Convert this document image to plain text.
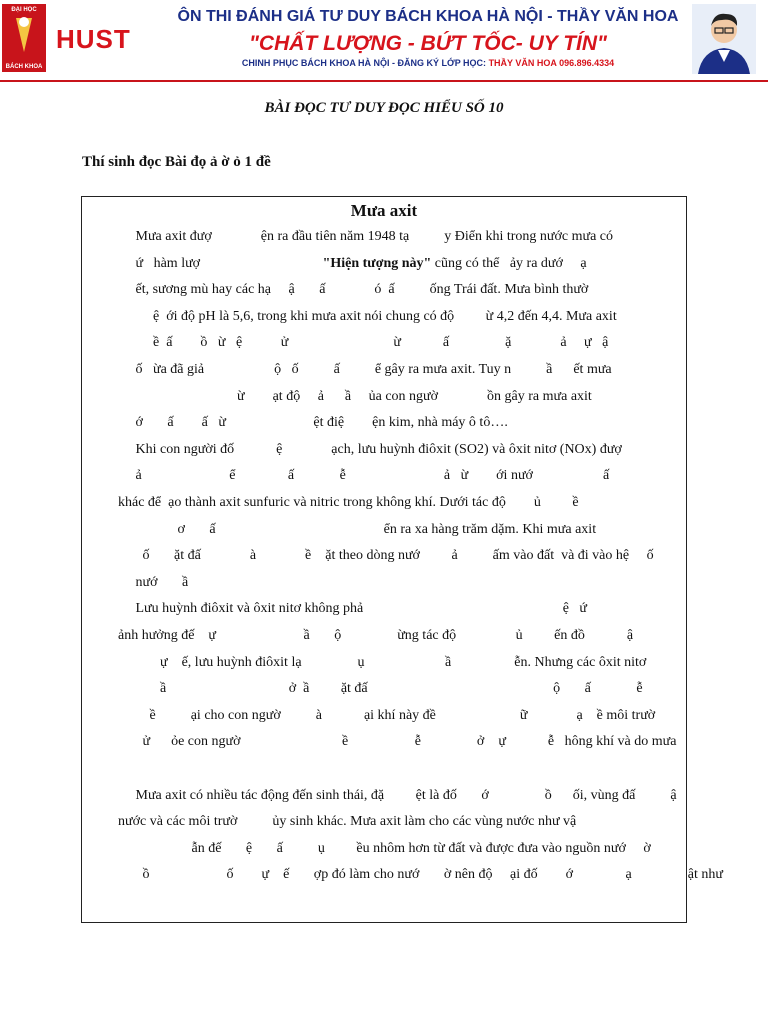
ĐẠI HỌC
BÁCH KHOA
HUST
ÔN THI ĐÁNH GIÁ TƯ DUY BÁCH KHOA HÀ NỘI - THẦY VĂN HOA
"CHẤT LƯỢNG - BỨT TỐC- UY TÍN"
CHINH PHỤC BÁCH KHOA HÀ NỘI - ĐĂNG KÝ LỚP HỌC: THẦY VĂN HOA 096.896.4334
BÀI ĐỌC TƯ DUY ĐỌC HIỂU SỐ 10
Thí sinh đọc Bài đọ ả ờ ỏ 1 đề
Mưa axit
Mưa axit đượ              ện ra đầu tiên năm 1948 tạ          y Điển khi trong nước mưa có
ứ   hàm lượ                                   "Hiện tượng này" cũng có thể   ảy ra dướ     ạ
ết, sương mù hay các hạ     ậ       ấ              ó  ấ          ống Trái đất. Mưa bình thườ
ệ  ới độ pH là 5,6, trong khi mưa axit nói chung có độ         ừ 4,2 đến 4,4. Mưa axit
ề  ấ        ồ   ừ   ệ           ử                              ừ            ấ                ặ              ả     ự   ậ
ố   ừa đã giả                    ộ   ố          ấ          ể gây ra mưa axit. Tuy n          ầ      ết mưa
ừ        ạt độ     ả      ầ     ủa con ngườ              ồn gây ra mưa axit
ớ       ấ        ấ   ừ                         ệt điệ        ện kim, nhà máy ô tô….
Khi con người đố            ệ              ạch, lưu huỳnh điôxit (SO2) và ôxit nitơ (NOx) đượ
ả                         ể               ấ             ễ                            ả   ừ        ới nướ                    ấ
khác để  ạo thành axit sunfuric và nitric trong không khí. Dưới tác độ        ủ         ề
ơ       ấ                                                ển ra xa hàng trăm dặm. Khi mưa axit
ố       ặt đấ              à              ề    ặt theo dòng nướ         ả          ấm vào đất  và đi vào hệ     ố
nướ       ầ
Lưu huỳnh điôxit và ôxit nitơ không phả                                                         ệ   ứ
ảnh hưởng đế    ự                         ầ       ộ                ừng tác độ                 ủ         ến đồ            ậ
ự    ế, lưu huỳnh điôxit lạ                ụ                       ầ                  ễn. Nhưng các ôxit nitơ
ầ                                   ở  ầ         ặt đấ                                                     ộ       ấ             ễ
ề          ại cho con ngườ          à            ại khí này đề                        ữ              ạ    ề môi trườ
ử      ỏe con ngườ                             ề                   ễ                ở    ự            ễ   hông khí và do mưa
Mưa axit có nhiều tác động đến sinh thái, đặ         ệt là đố       ớ                ồ      ối, vùng đấ          ậ
nước và các môi trườ          ủy sinh khác. Mưa axit làm cho các vùng nước như vậ
ẫn đế       ệ       ấ          ụ         ều nhôm hơn từ đất và được đưa vào nguồn nướ     ờ
ồ                      ố        ự    ế       ợp đó làm cho nướ       ờ nên độ     ại đố        ớ               ạ                ật như
